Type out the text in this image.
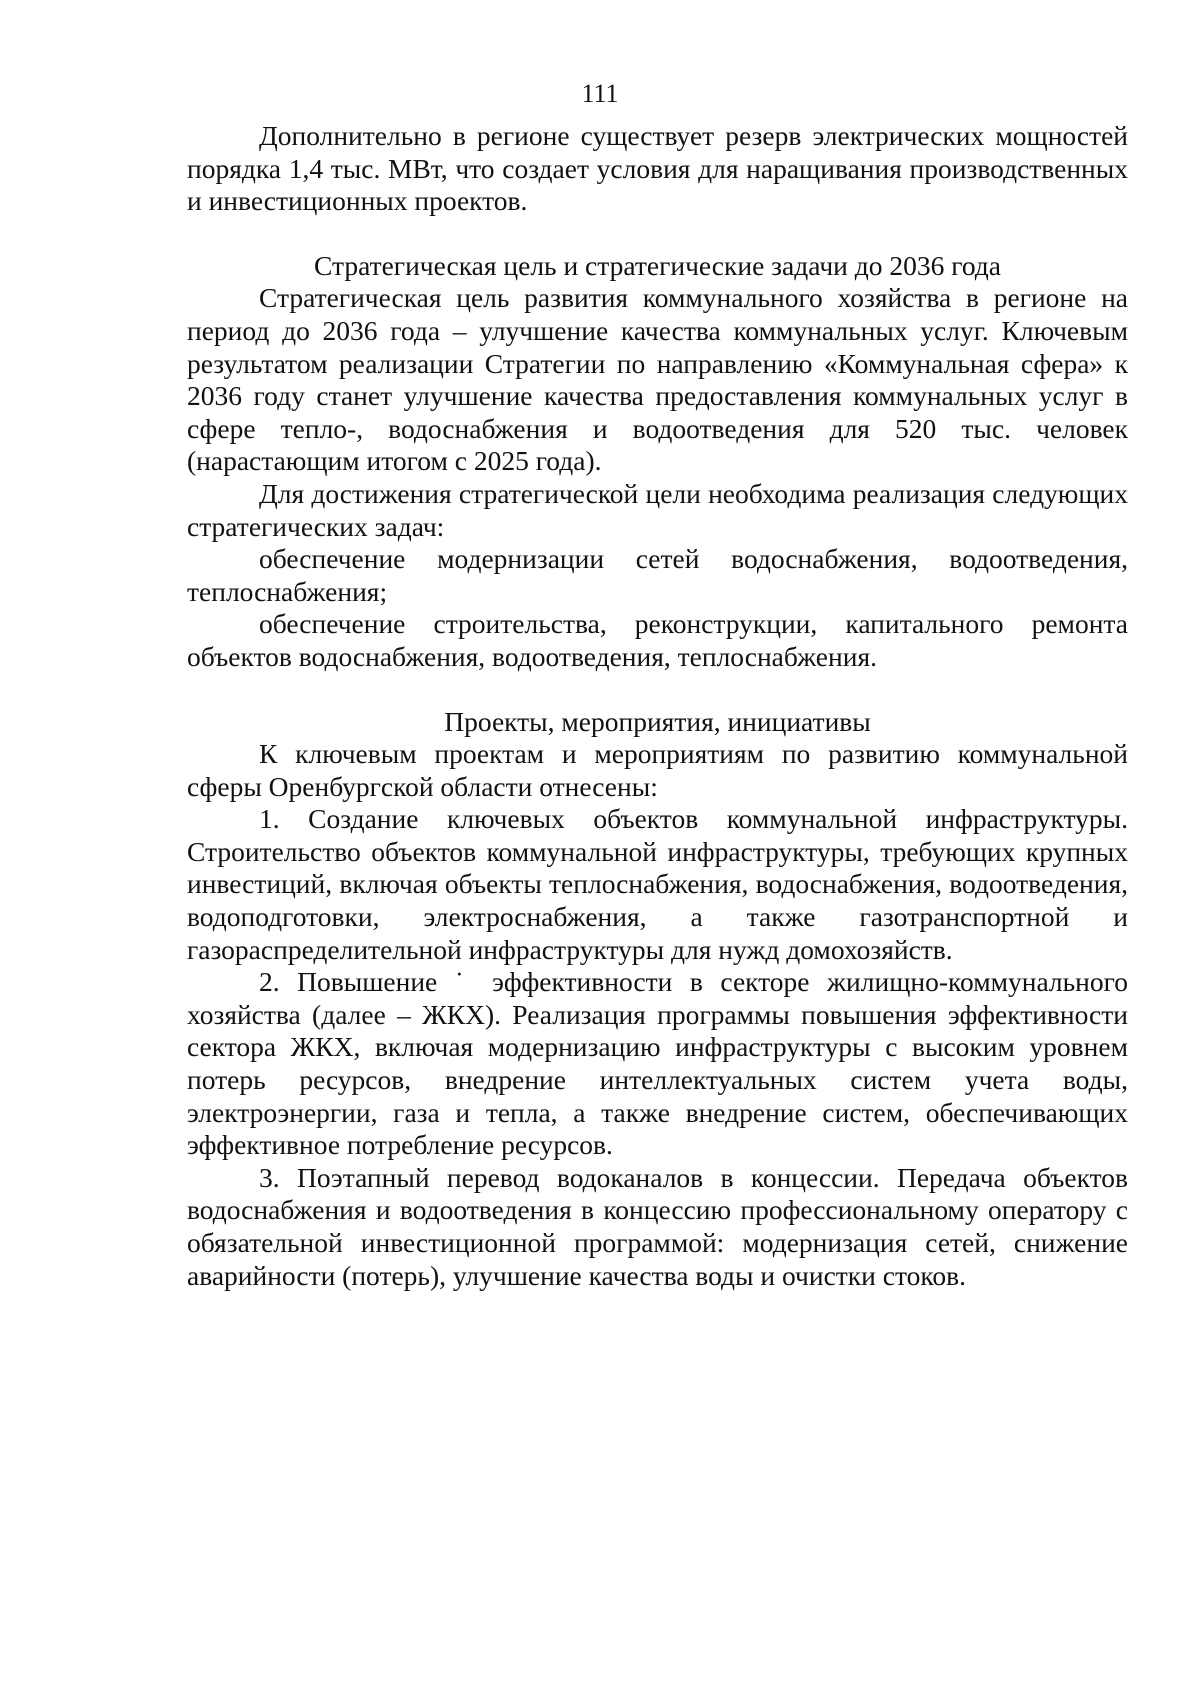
111

Дополнительно в регионе существует резерв электрических мощностей порядка 1,4 тыс. МВт, что создает условия для наращивания производственных и инвестиционных проектов.

Стратегическая цель и стратегические задачи до 2036 года

Стратегическая цель развития коммунального хозяйства в регионе на период до 2036 года – улучшение качества коммунальных услуг. Ключевым результатом реализации Стратегии по направлению «Коммунальная сфера» к 2036 году станет улучшение качества предоставления коммунальных услуг в сфере тепло-, водоснабжения и водоотведения для 520 тыс. человек (нарастающим итогом с 2025 года).

Для достижения стратегической цели необходима реализация следующих стратегических задач:

обеспечение модернизации сетей водоснабжения, водоотведения, теплоснабжения;

обеспечение строительства, реконструкции, капитального ремонта объектов водоснабжения, водоотведения, теплоснабжения.

Проекты, мероприятия, инициативы

К ключевым проектам и мероприятиям по развитию коммунальной сферы Оренбургской области отнесены:

1. Создание ключевых объектов коммунальной инфраструктуры. Строительство объектов коммунальной инфраструктуры, требующих крупных инвестиций, включая объекты теплоснабжения, водоснабжения, водоотведения, водоподготовки, электроснабжения, а также газотранспортной и газораспределительной инфраструктуры для нужд домохозяйств.

2. Повышение ˙ эффективности в секторе жилищно-коммунального хозяйства (далее – ЖКХ). Реализация программы повышения эффективности сектора ЖКХ, включая модернизацию инфраструктуры с высоким уровнем потерь ресурсов, внедрение интеллектуальных систем учета воды, электроэнергии, газа и тепла, а также внедрение систем, обеспечивающих эффективное потребление ресурсов.

3. Поэтапный перевод водоканалов в концессии. Передача объектов водоснабжения и водоотведения в концессию профессиональному оператору с обязательной инвестиционной программой: модернизация сетей, снижение аварийности (потерь), улучшение качества воды и очистки стоков.
